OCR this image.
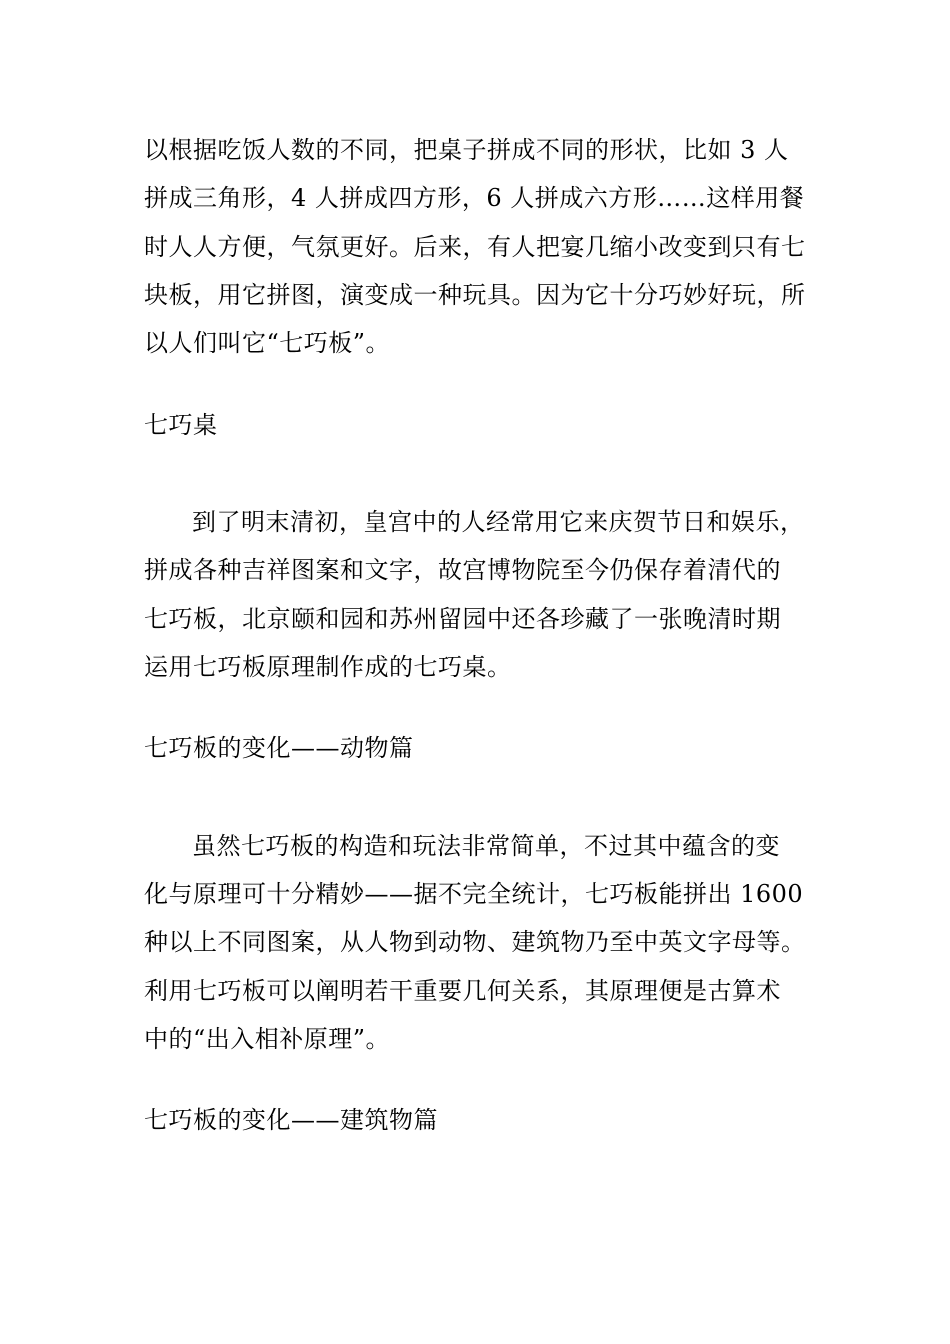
以根据吃饭人数的不同，把桌子拼成不同的形状，比如 3 人
拼成三角形，4 人拼成四方形，6 人拼成六方形……这样用餐
时人人方便，气氛更好。后来，有人把宴几缩小改变到只有七
块板，用它拼图，演变成一种玩具。因为它十分巧妙好玩，所
以人们叫它“七巧板”。
七巧桌
到了明末清初，皇宫中的人经常用它来庆贺节日和娱乐，
拼成各种吉祥图案和文字，故宫博物院至今仍保存着清代的
七巧板，北京颐和园和苏州留园中还各珍藏了一张晚清时期
运用七巧板原理制作成的七巧桌。
七巧板的变化——动物篇
虽然七巧板的构造和玩法非常简单，不过其中蕴含的变
化与原理可十分精妙——据不完全统计，七巧板能拼出 1600
种以上不同图案，从人物到动物、建筑物乃至中英文字母等。
利用七巧板可以阐明若干重要几何关系，其原理便是古算术
中的“出入相补原理”。
七巧板的变化——建筑物篇
